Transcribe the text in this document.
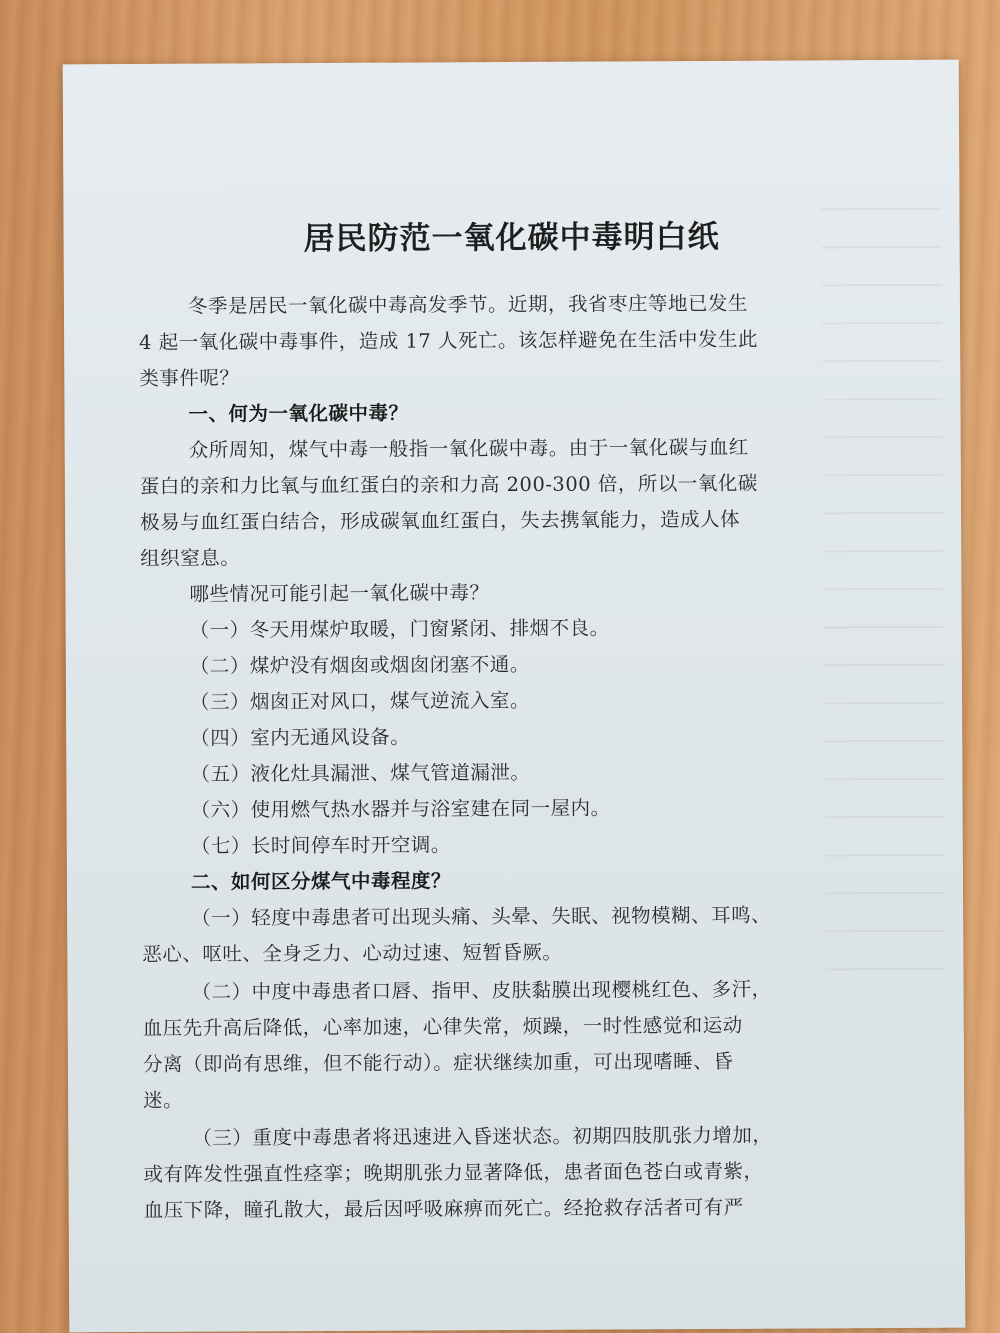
居民防范一氧化碳中毒明白纸
冬季是居民一氧化碳中毒高发季节。近期，我省枣庄等地已发生
4 起一氧化碳中毒事件，造成 17 人死亡。该怎样避免在生活中发生此
类事件呢？
一、何为一氧化碳中毒？
众所周知，煤气中毒一般指一氧化碳中毒。由于一氧化碳与血红
蛋白的亲和力比氧与血红蛋白的亲和力高 200-300 倍，所以一氧化碳
极易与血红蛋白结合，形成碳氧血红蛋白，失去携氧能力，造成人体
组织窒息。
哪些情况可能引起一氧化碳中毒？
（一）冬天用煤炉取暖，门窗紧闭、排烟不良。
（二）煤炉没有烟囱或烟囱闭塞不通。
（三）烟囱正对风口，煤气逆流入室。
（四）室内无通风设备。
（五）液化灶具漏泄、煤气管道漏泄。
（六）使用燃气热水器并与浴室建在同一屋内。
（七）长时间停车时开空调。
二、如何区分煤气中毒程度？
（一）轻度中毒患者可出现头痛、头晕、失眠、视物模糊、耳鸣、
恶心、呕吐、全身乏力、心动过速、短暂昏厥。
（二）中度中毒患者口唇、指甲、皮肤黏膜出现樱桃红色、多汗，
血压先升高后降低，心率加速，心律失常，烦躁，一时性感觉和运动
分离（即尚有思维，但不能行动）。症状继续加重，可出现嗜睡、昏
迷。
（三）重度中毒患者将迅速进入昏迷状态。初期四肢肌张力增加，
或有阵发性强直性痉挛；晚期肌张力显著降低，患者面色苍白或青紫，
血压下降，瞳孔散大，最后因呼吸麻痹而死亡。经抢救存活者可有严
